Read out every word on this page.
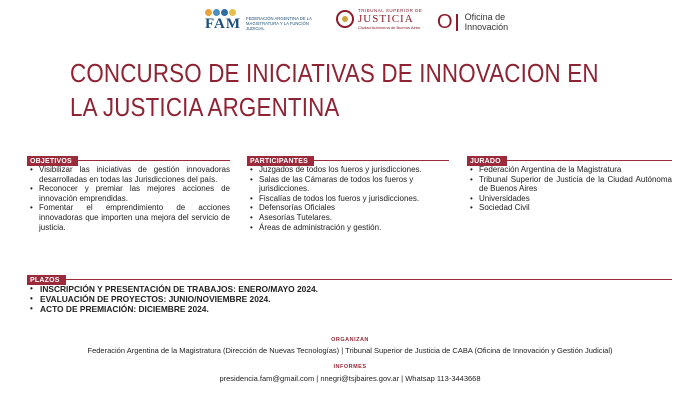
FAM FEDERACIÓN ARGENTINA DE LA MAGISTRATURA Y LA FUNCIÓN JUDICIAL
TRIBUNAL SUPERIOR DE
JUSTICIA
Ciudad Autónoma de Buenos Aires O Oficina de
Innovación
CONCURSO DE INICIATIVAS DE INNOVACION EN
LA JUSTICIA ARGENTINA
OBJETIVOS
• Visibilizar las iniciativas de gestión innovadoras desarrolladas en todas las Jurisdicciones del país.
• Reconocer y premiar las mejores acciones de innovación emprendidas.
• Fomentar el emprendimiento de acciones innovadoras que importen una mejora del servicio de justicia.
PARTICIPANTES
• Juzgados de todos los fueros y jurisdicciones.
• Salas de las Cámaras de todos los fueros y jurisdicciones.
• Fiscalías de todos los fueros y jurisdicciones.
• Defensorías Oficiales
• Asesorías Tutelares.
• Áreas de administración y gestión.
JURADO
• Federación Argentina de la Magistratura
• Tribunal Superior de Justicia de la Ciudad Autónoma de Buenos Aires
• Universidades
• Sociedad Civil
PLAZOS
• INSCRIPCIÓN Y PRESENTACIÓN DE TRABAJOS: ENERO/MAYO 2024.
• EVALUACIÓN DE PROYECTOS: JUNIO/NOVIEMBRE 2024.
• ACTO DE PREMIACIÓN: DICIEMBRE 2024.
ORGANIZAN
Federación Argentina de la Magistratura (Dirección de Nuevas Tecnologías) | Tribunal Superior de Justicia de CABA (Oficina de Innovación y Gestión Judicial)
INFORMES
presidencia.fam@gmail.com | nnegri@tsjbaires.gov.ar | Whatsap 113-3443668
